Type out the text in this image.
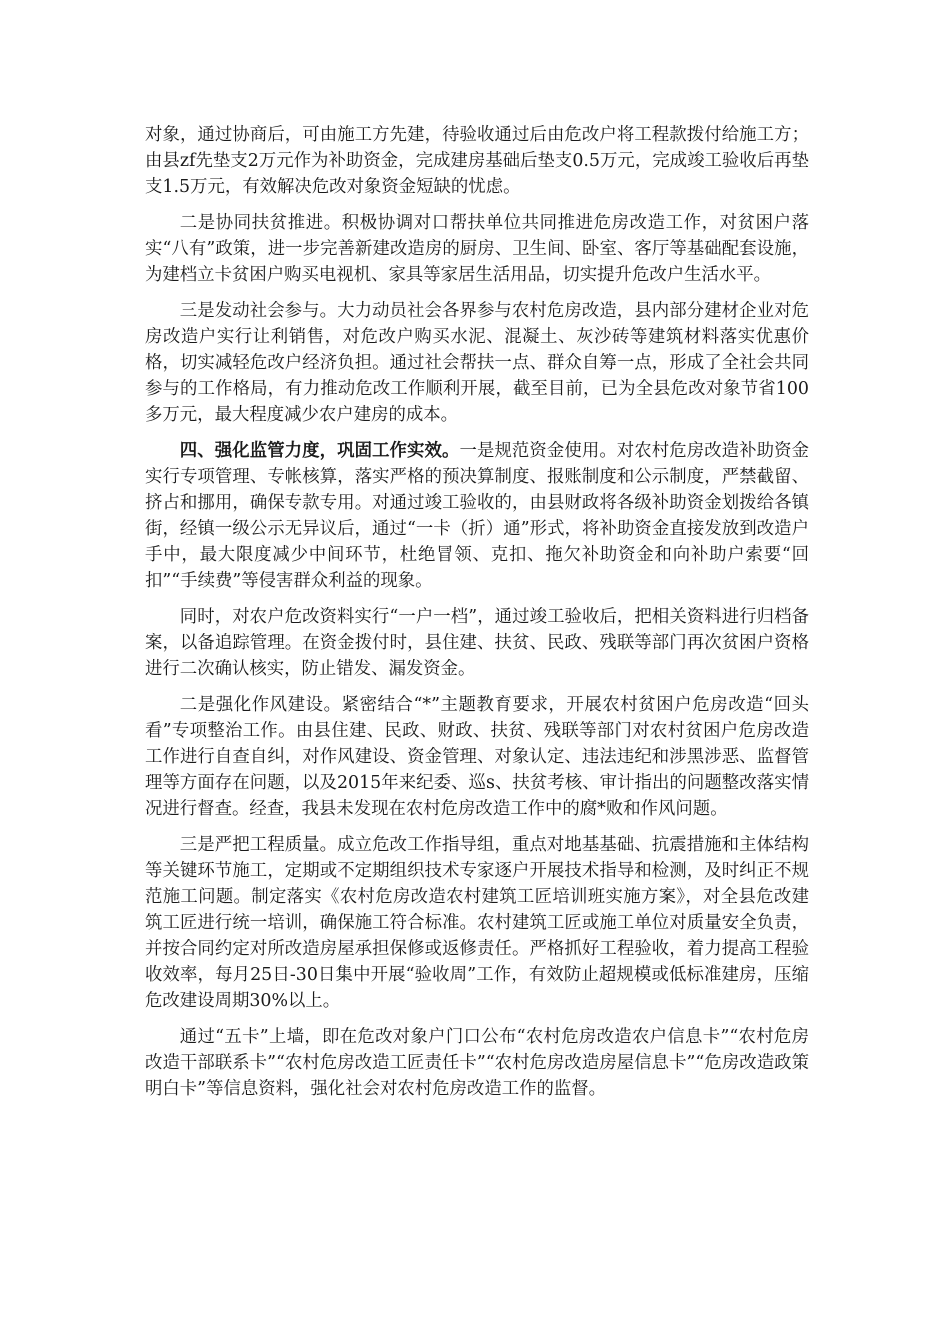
对象，通过协商后，可由施工方先建，待验收通过后由危改户将工程款拨付给施工方；由县zf先垫支2万元作为补助资金，完成建房基础后垫支0.5万元，完成竣工验收后再垫支1.5万元，有效解决危改对象资金短缺的忧虑。

二是协同扶贫推进。积极协调对口帮扶单位共同推进危房改造工作，对贫困户落实“八有”政策，进一步完善新建改造房的厨房、卫生间、卧室、客厅等基础配套设施，为建档立卡贫困户购买电视机、家具等家居生活用品，切实提升危改户生活水平。

三是发动社会参与。大力动员社会各界参与农村危房改造，县内部分建材企业对危房改造户实行让利销售，对危改户购买水泥、混凝土、灰沙砖等建筑材料落实优惠价格，切实减轻危改户经济负担。通过社会帮扶一点、群众自筹一点，形成了全社会共同参与的工作格局，有力推动危改工作顺利开展，截至目前，已为全县危改对象节省100多万元，最大程度减少农户建房的成本。

四、强化监管力度，巩固工作实效。一是规范资金使用。对农村危房改造补助资金实行专项管理、专帐核算，落实严格的预决算制度、报账制度和公示制度，严禁截留、挤占和挪用，确保专款专用。对通过竣工验收的，由县财政将各级补助资金划拨给各镇街，经镇一级公示无异议后，通过“一卡（折）通”形式，将补助资金直接发放到改造户手中，最大限度减少中间环节，杜绝冒领、克扣、拖欠补助资金和向补助户索要“回扣”“手续费”等侵害群众利益的现象。

同时，对农户危改资料实行“一户一档”，通过竣工验收后，把相关资料进行归档备案，以备追踪管理。在资金拨付时，县住建、扶贫、民政、残联等部门再次贫困户资格进行二次确认核实，防止错发、漏发资金。

二是强化作风建设。紧密结合“*”主题教育要求，开展农村贫困户危房改造“回头看”专项整治工作。由县住建、民政、财政、扶贫、残联等部门对农村贫困户危房改造工作进行自查自纠，对作风建设、资金管理、对象认定、违法违纪和涉黑涉恶、监督管理等方面存在问题，以及2015年来纪委、巡s、扶贫考核、审计指出的问题整改落实情况进行督查。经查，我县未发现在农村危房改造工作中的腐*败和作风问题。

三是严把工程质量。成立危改工作指导组，重点对地基基础、抗震措施和主体结构等关键环节施工，定期或不定期组织技术专家逐户开展技术指导和检测，及时纠正不规范施工问题。制定落实《农村危房改造农村建筑工匠培训班实施方案》，对全县危改建筑工匠进行统一培训，确保施工符合标准。农村建筑工匠或施工单位对质量安全负责，并按合同约定对所改造房屋承担保修或返修责任。严格抓好工程验收，着力提高工程验收效率，每月25日-30日集中开展“验收周”工作，有效防止超规模或低标准建房，压缩危改建设周期30%以上。

通过“五卡”上墙，即在危改对象户门口公布“农村危房改造农户信息卡”“农村危房改造干部联系卡”“农村危房改造工匠责任卡”“农村危房改造房屋信息卡”“危房改造政策明白卡”等信息资料，强化社会对农村危房改造工作的监督。
